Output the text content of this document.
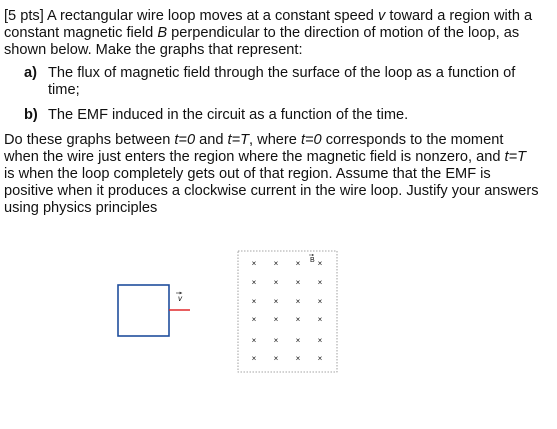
[5 pts] A rectangular wire loop moves at a constant speed v toward a region with a constant magnetic field B perpendicular to the direction of motion of the loop, as shown below. Make the graphs that represent:

a) The flux of magnetic field through the surface of the loop as a function of time;
b) The EMF induced in the circuit as a function of the time.

Do these graphs between t=0 and t=T, where t=0 corresponds to the moment when the wire just enters the region where the magnetic field is nonzero, and t=T is when the loop completely gets out of that region. Assume that the EMF is positive when it produces a clockwise current in the wire loop. Justify your answers using physics principles

v
× × × ×
× × × ×
× × × ×
× × × ×
× × × ×
× × × ×
B
